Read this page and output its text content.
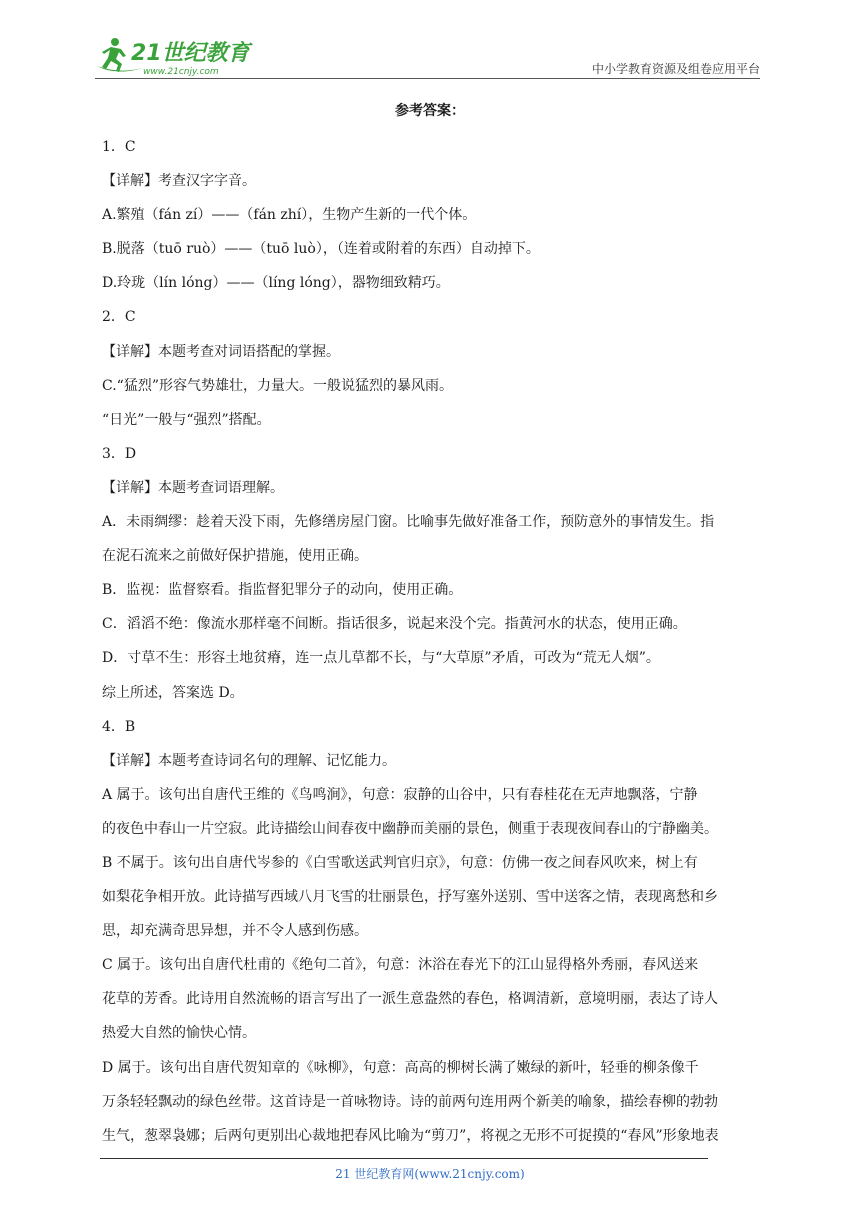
21世纪教育
www.21cnjy.com	中小学教育资源及组卷应用平台
参考答案：

1．C

【详解】考查汉字字音。

A.繁殖（fán zí）——（fán zhí），生物产生新的一代个体。

B.脱落（tuō ruò）——（tuō luò），（连着或附着的东西）自动掉下。

D.玲珑（lín lóng）——（líng lóng），器物细致精巧。

2．C

【详解】本题考查对词语搭配的掌握。

C.“猛烈”形容气势雄壮，力量大。一般说猛烈的暴风雨。

“日光”一般与“强烈”搭配。

3．D

【详解】本题考查词语理解。

A．未雨绸缪：趁着天没下雨，先修缮房屋门窗。比喻事先做好准备工作，预防意外的事情发生。指

在泥石流来之前做好保护措施，使用正确。

B．监视：监督察看。指监督犯罪分子的动向，使用正确。

C．滔滔不绝：像流水那样毫不间断。指话很多，说起来没个完。指黄河水的状态，使用正确。

D．寸草不生：形容土地贫瘠，连一点儿草都不长，与“大草原”矛盾，可改为“荒无人烟”。

综上所述，答案选 D。

4．B

【详解】本题考查诗词名句的理解、记忆能力。

A 属于。该句出自唐代王维的《鸟鸣涧》，句意：寂静的山谷中，只有春桂花在无声地飘落，宁静

的夜色中春山一片空寂。此诗描绘山间春夜中幽静而美丽的景色，侧重于表现夜间春山的宁静幽美。

B 不属于。该句出自唐代岑参的《白雪歌送武判官归京》，句意：仿佛一夜之间春风吹来，树上有

如梨花争相开放。此诗描写西域八月飞雪的壮丽景色，抒写塞外送别、雪中送客之情，表现离愁和乡

思，却充满奇思异想，并不令人感到伤感。

C 属于。该句出自唐代杜甫的《绝句二首》，句意：沐浴在春光下的江山显得格外秀丽，春风送来

花草的芳香。此诗用自然流畅的语言写出了一派生意盎然的春色，格调清新，意境明丽，表达了诗人

热爱大自然的愉快心情。

D 属于。该句出自唐代贺知章的《咏柳》，句意：高高的柳树长满了嫩绿的新叶，轻垂的柳条像千

万条轻轻飘动的绿色丝带。这首诗是一首咏物诗。诗的前两句连用两个新美的喻象，描绘春柳的勃勃

生气，葱翠袅娜；后两句更别出心裁地把春风比喻为“剪刀”，将视之无形不可捉摸的“春风”形象地表

21 世纪教育网(www.21cnjy.com)
